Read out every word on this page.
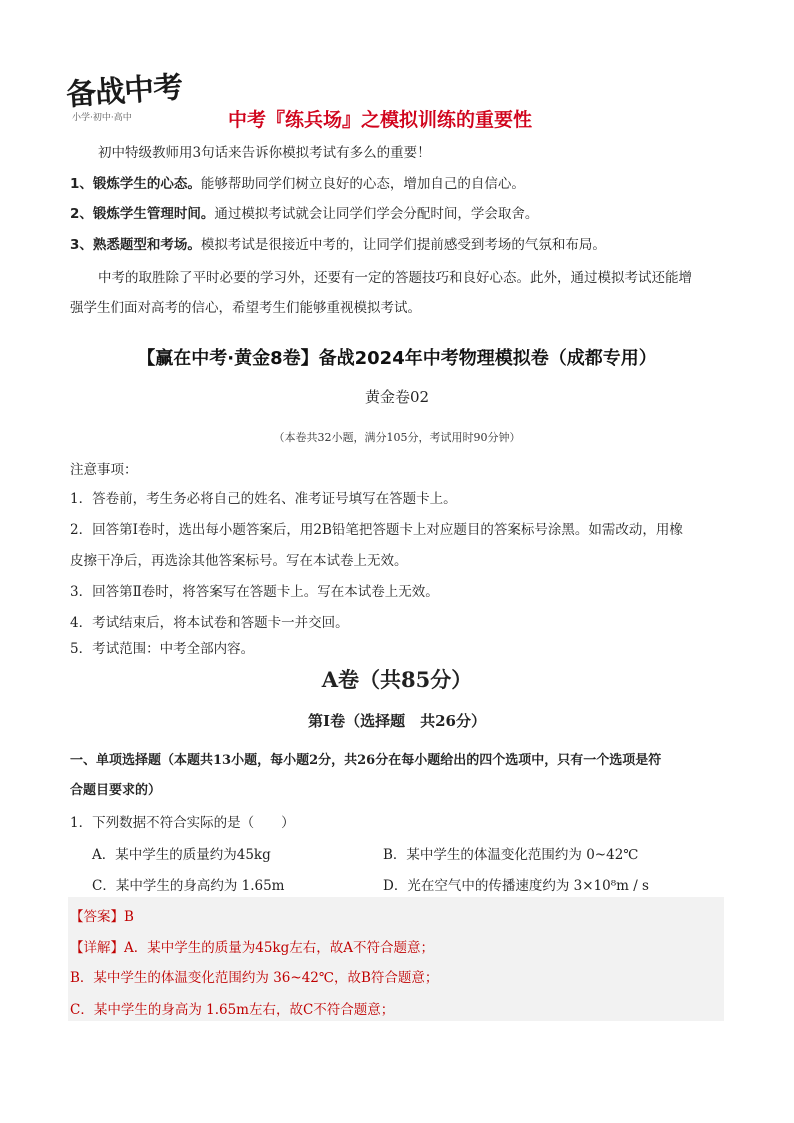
备战中考
小学·初中·高中	中考『练兵场』之模拟训练的重要性
初中特级教师用3句话来告诉你模拟考试有多么的重要！
1、锻炼学生的心态。能够帮助同学们树立良好的心态，增加自己的自信心。
2、锻炼学生管理时间。通过模拟考试就会让同学们学会分配时间，学会取舍。
3、熟悉题型和考场。模拟考试是很接近中考的，让同学们提前感受到考场的气氛和布局。
中考的取胜除了平时必要的学习外，还要有一定的答题技巧和良好心态。此外，通过模拟考试还能增
强学生们面对高考的信心，希望考生们能够重视模拟考试。
【赢在中考·黄金8卷】备战2024年中考物理模拟卷（成都专用）
黄金卷02
（本卷共32小题，满分105分，考试用时90分钟）
注意事项：
1．答卷前，考生务必将自己的姓名、准考证号填写在答题卡上。
2．回答第Ⅰ卷时，选出每小题答案后，用2B铅笔把答题卡上对应题目的答案标号涂黑。如需改动，用橡
皮擦干净后，再选涂其他答案标号。写在本试卷上无效。
3．回答第Ⅱ卷时，将答案写在答题卡上。写在本试卷上无效。
4．考试结束后，将本试卷和答题卡一并交回。
5．考试范围：中考全部内容。
A卷（共85分）
第Ⅰ卷（选择题　共26分）
一、单项选择题（本题共13小题，每小题2分，共26分在每小题给出的四个选项中，只有一个选项是符
合题目要求的）
1．下列数据不符合实际的是（　　）
A．某中学生的质量约为45kg	B．某中学生的体温变化范围约为 0~42℃
C．某中学生的身高约为 1.65m	D．光在空气中的传播速度约为 3×10⁸m / s
【答案】B
【详解】A．某中学生的质量为45kg左右，故A不符合题意；
B．某中学生的体温变化范围约为 36~42℃，故B符合题意；
C．某中学生的身高为 1.65m左右，故C不符合题意；
